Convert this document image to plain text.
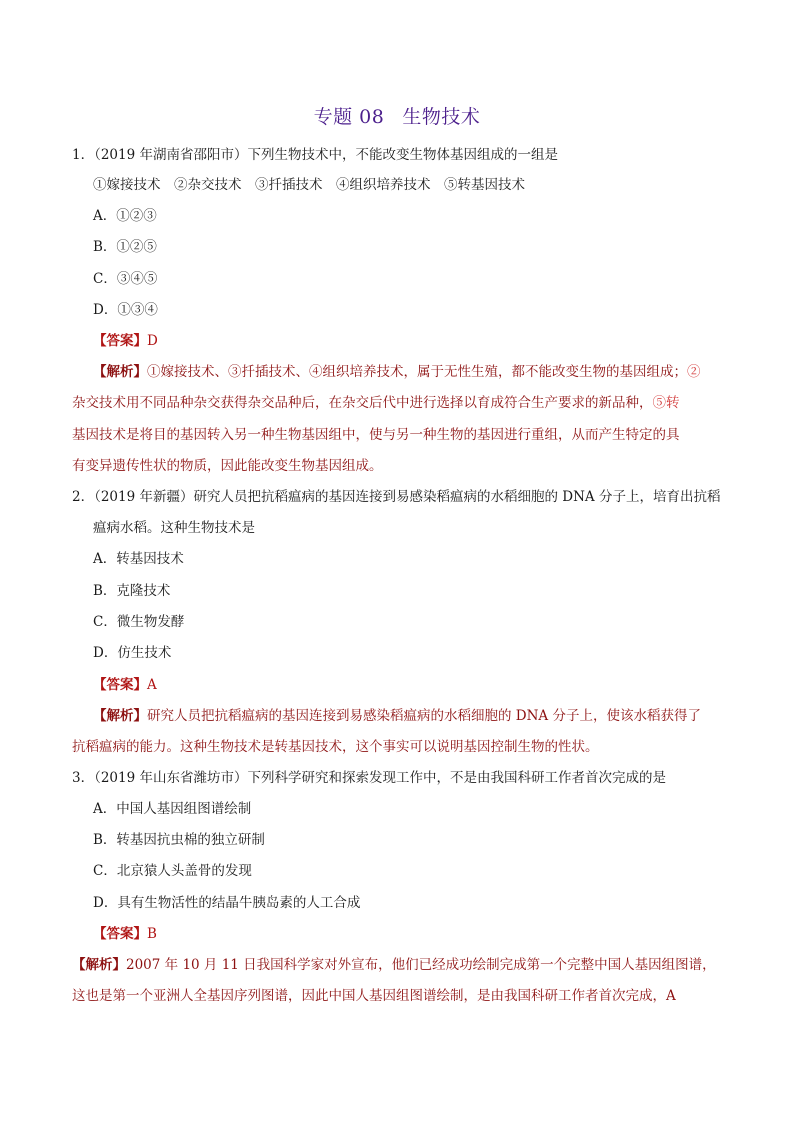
专题 08 生物技术
1．（2019 年湖南省邵阳市）下列生物技术中，不能改变生物体基因组成的一组是
①嫁接技术　②杂交技术　③扦插技术　④组织培养技术　⑤转基因技术
A．①②③
B．①②⑤
C．③④⑤
D．①③④
【答案】D
【解析】①嫁接技术、③扦插技术、④组织培养技术，属于无性生殖，都不能改变生物的基因组成；②
杂交技术用不同品种杂交获得杂交品种后，在杂交后代中进行选择以育成符合生产要求的新品种，⑤转
基因技术是将目的基因转入另一种生物基因组中，使与另一种生物的基因进行重组，从而产生特定的具
有变异遗传性状的物质，因此能改变生物基因组成。
2．（2019 年新疆）研究人员把抗稻瘟病的基因连接到易感染稻瘟病的水稻细胞的 DNA 分子上，培育出抗稻
瘟病水稻。这种生物技术是
A．转基因技术
B．克隆技术
C．微生物发酵
D．仿生技术
【答案】A
【解析】研究人员把抗稻瘟病的基因连接到易感染稻瘟病的水稻细胞的 DNA 分子上，使该水稻获得了
抗稻瘟病的能力。这种生物技术是转基因技术，这个事实可以说明基因控制生物的性状。
3．（2019 年山东省潍坊市）下列科学研究和探索发现工作中，不是由我国科研工作者首次完成的是
A．中国人基因组图谱绘制
B．转基因抗虫棉的独立研制
C．北京猿人头盖骨的发现
D．具有生物活性的结晶牛胰岛素的人工合成
【答案】B
【解析】2007 年 10 月 11 日我国科学家对外宣布，他们已经成功绘制完成第一个完整中国人基因组图谱，
这也是第一个亚洲人全基因序列图谱，因此中国人基因组图谱绘制，是由我国科研工作者首次完成，A
